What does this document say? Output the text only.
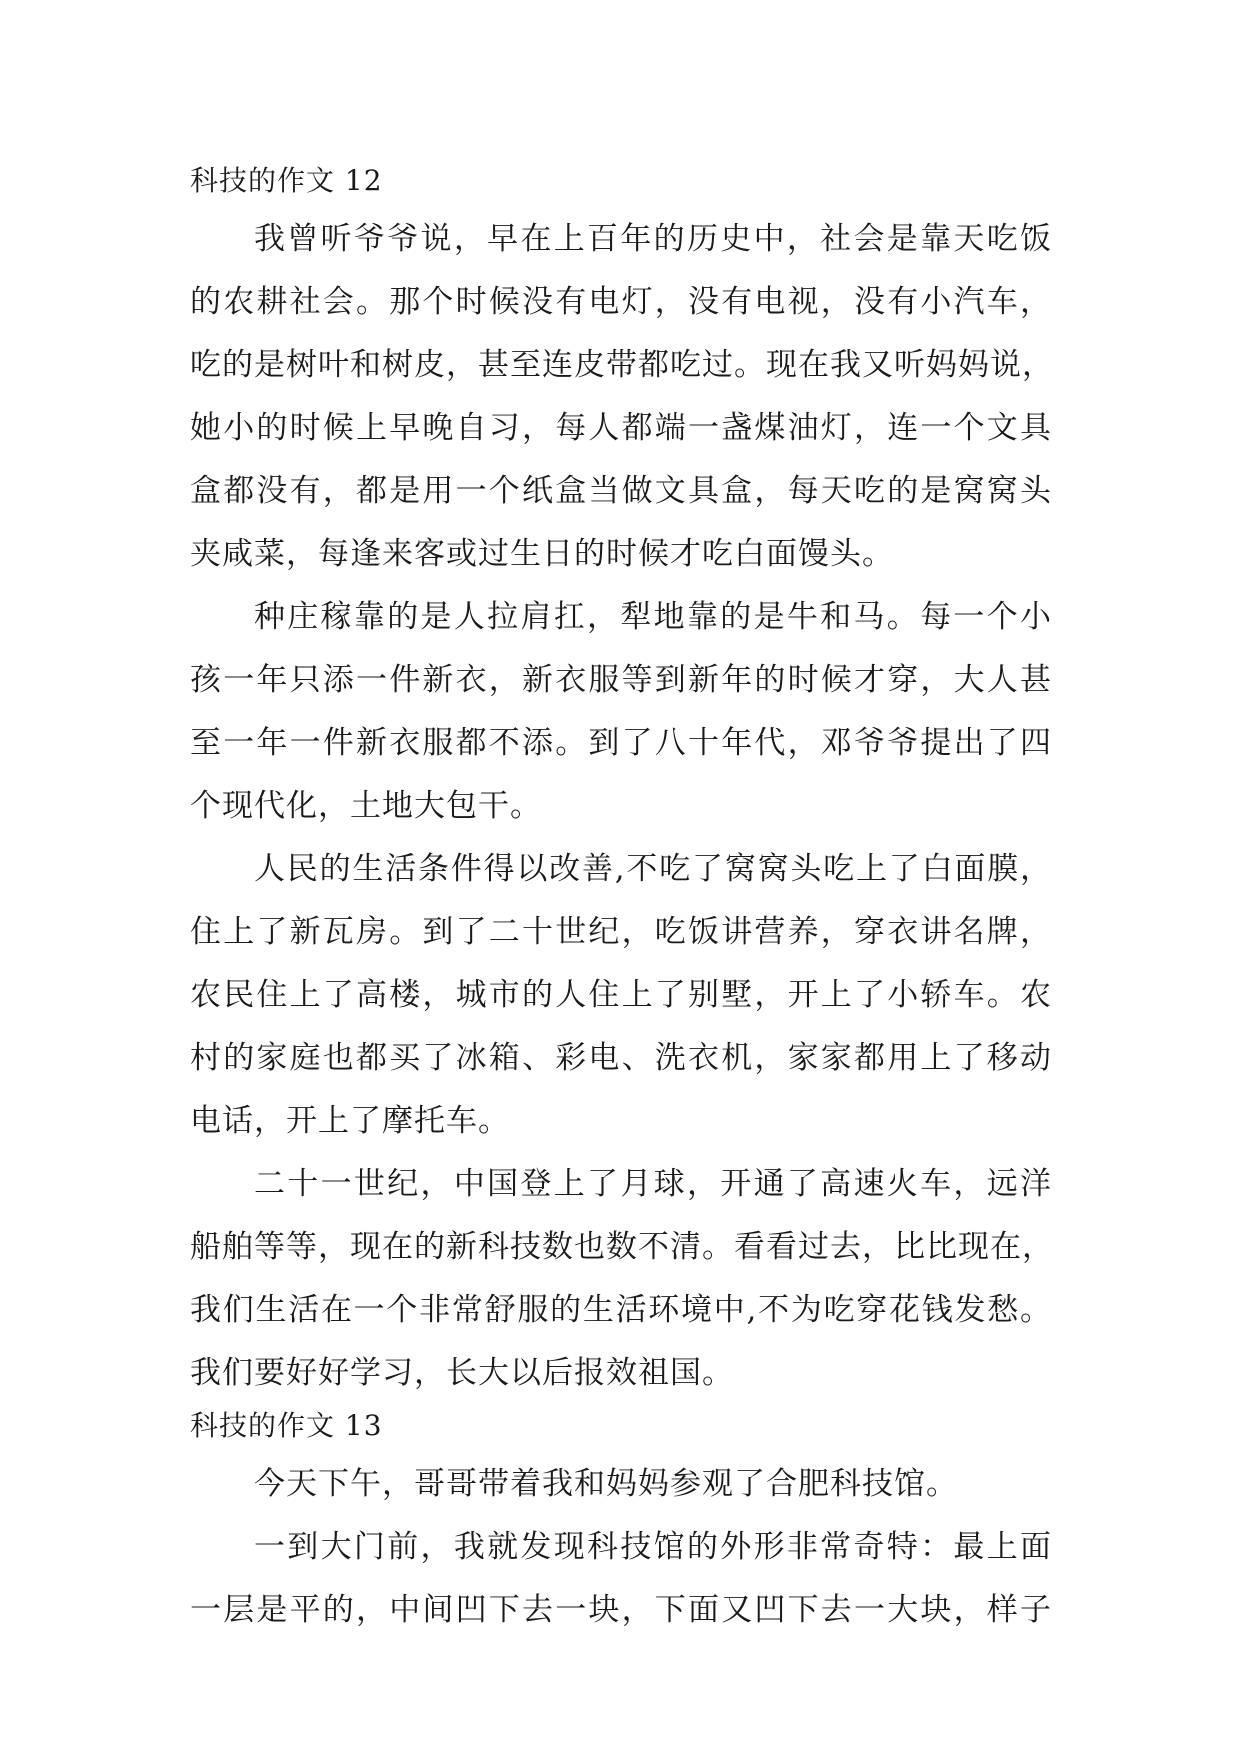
科技的作文 12

我曾听爷爷说，早在上百年的历史中，社会是靠天吃饭

的农耕社会。那个时候没有电灯，没有电视，没有小汽车，

吃的是树叶和树皮，甚至连皮带都吃过。现在我又听妈妈说，

她小的时候上早晚自习，每人都端一盏煤油灯，连一个文具

盒都没有，都是用一个纸盒当做文具盒，每天吃的是窝窝头

夹咸菜，每逢来客或过生日的时候才吃白面馒头。

种庄稼靠的是人拉肩扛，犁地靠的是牛和马。每一个小

孩一年只添一件新衣，新衣服等到新年的时候才穿，大人甚

至一年一件新衣服都不添。到了八十年代，邓爷爷提出了四

个现代化，土地大包干。

人民的生活条件得以改善,不吃了窝窝头吃上了白面膜，

住上了新瓦房。到了二十世纪，吃饭讲营养，穿衣讲名牌，

农民住上了高楼，城市的人住上了别墅，开上了小轿车。农

村的家庭也都买了冰箱、彩电、洗衣机，家家都用上了移动

电话，开上了摩托车。

二十一世纪，中国登上了月球，开通了高速火车，远洋

船舶等等，现在的新科技数也数不清。看看过去，比比现在，

我们生活在一个非常舒服的生活环境中,不为吃穿花钱发愁。

我们要好好学习，长大以后报效祖国。

科技的作文 13

今天下午，哥哥带着我和妈妈参观了合肥科技馆。

一到大门前，我就发现科技馆的外形非常奇特：最上面

一层是平的，中间凹下去一块，下面又凹下去一大块，样子
